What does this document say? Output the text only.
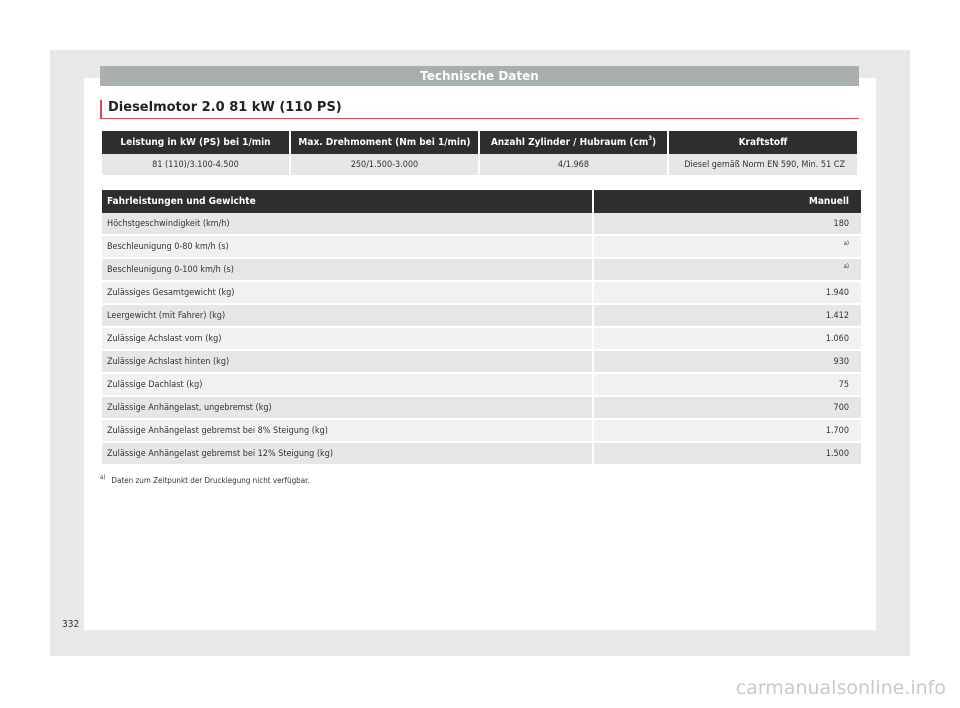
Technische Daten
Dieselmotor 2.0 81 kW (110 PS)
Leistung in kW (PS) bei 1/min	Max. Drehmoment (Nm bei 1/min)	Anzahl Zylinder / Hubraum $(cm^3)$	Kraftstoff
81 (110)/3.100-4.500	250/1.500-3.000	4/1.968	Diesel gemäß Norm EN 590, Min. 51 CZ
Fahrleistungen und Gewichte	Manuell
Höchstgeschwindigkeit (km/h)	180
Beschleunigung 0-80 km/h (s)	$^{a)}$
Beschleunigung 0-100 km/h (s)	$^{a)}$
Zulässiges Gesamtgewicht (kg)	1.940
Leergewicht (mit Fahrer) (kg)	1.412
Zulässige Achslast vorn (kg)	1.060
Zulässige Achslast hinten (kg)	930
Zulässige Dachlast (kg)	75
Zulässige Anhängelast, ungebremst (kg)	700
Zulässige Anhängelast gebremst bei 8% Steigung (kg)	1.700
Zulässige Anhängelast gebremst bei 12% Steigung (kg)	1.500
$^{a)}$ Daten zum Zeitpunkt der Drucklegung nicht verfügbar.
332
carmanualsonline.info
